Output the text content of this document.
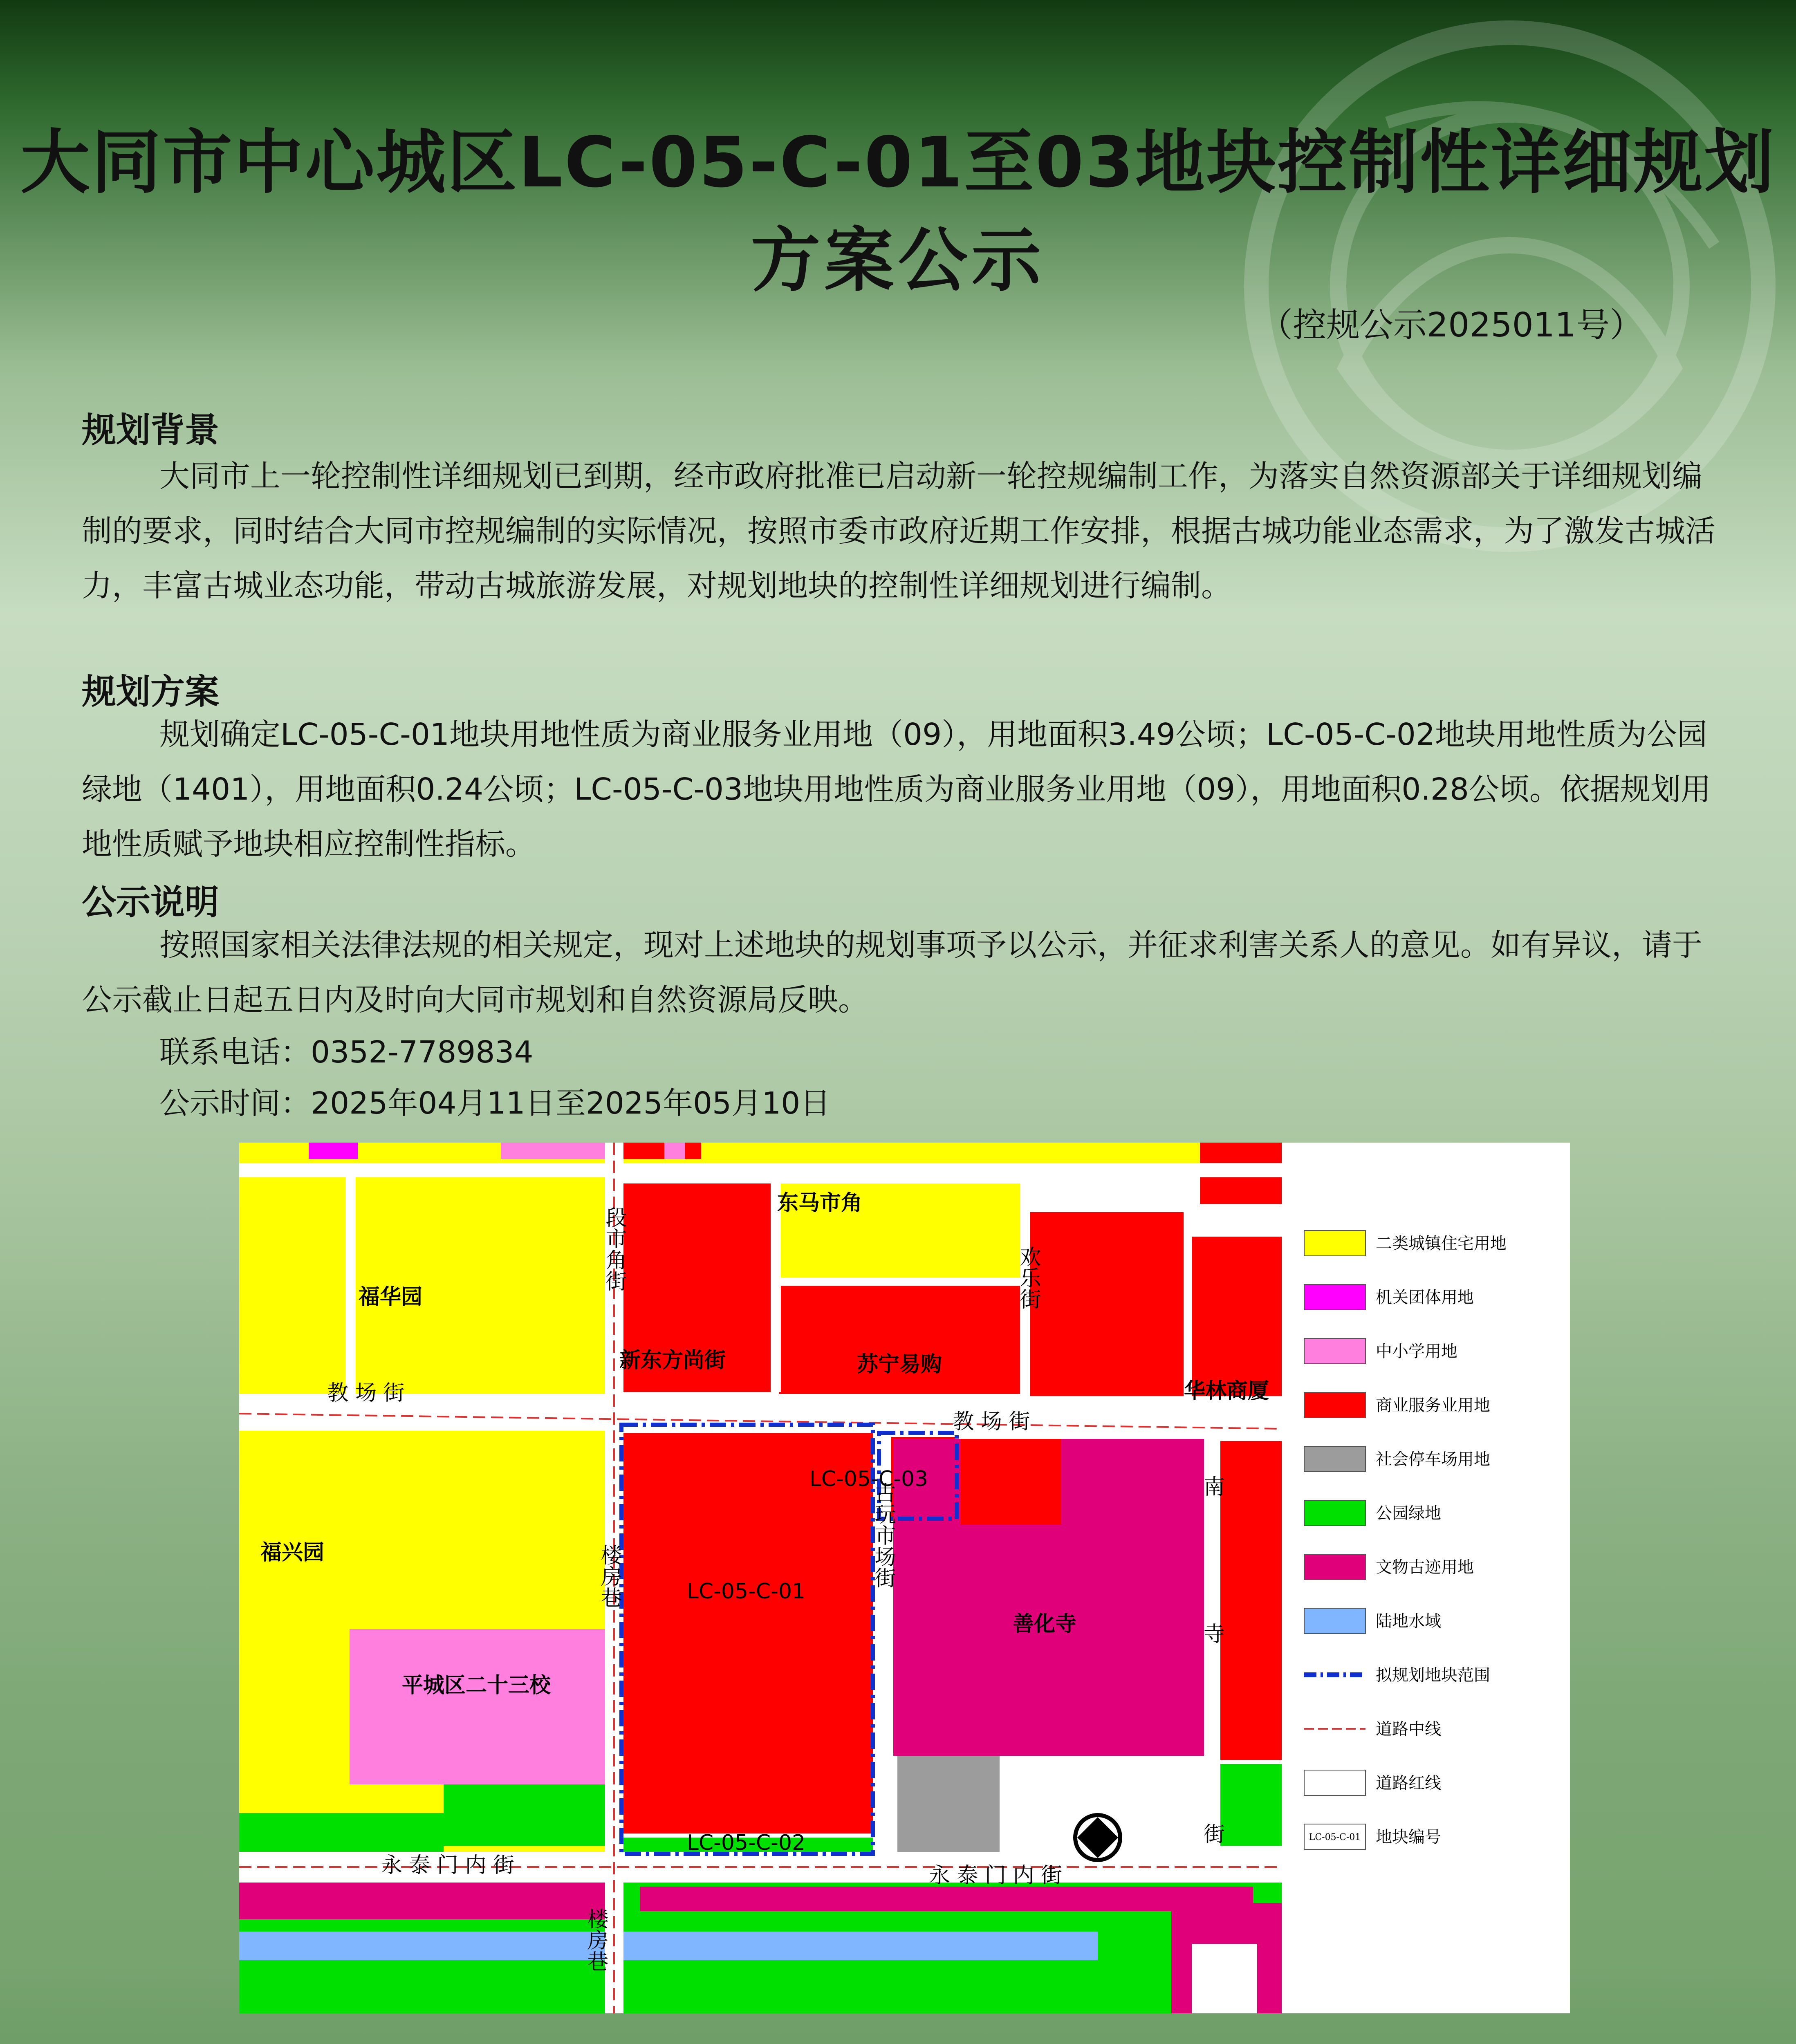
大同市中心城区LC-05-C-01至03地块控制性详细规划
方案公示
（控规公示2025011号）
规划背景
大同市上一轮控制性详细规划已到期，经市政府批准已启动新一轮控规编制工作，为落实自然资源部关于详细规划编制的要求，同时结合大同市控规编制的实际情况，按照市委市政府近期工作安排，根据古城功能业态需求，为了激发古城活力，丰富古城业态功能，带动古城旅游发展，对规划地块的控制性详细规划进行编制。
规划方案
规划确定LC-05-C-01地块用地性质为商业服务业用地（09），用地面积3.49公顷；LC-05-C-02地块用地性质为公园绿地（1401），用地面积0.24公顷；LC-05-C-03地块用地性质为商业服务业用地（09），用地面积0.28公顷。依据规划用地性质赋予地块相应控制性指标。
公示说明
按照国家相关法律法规的相关规定，现对上述地块的规划事项予以公示，并征求利害关系人的意见。如有异议，请于公示截止日起五日内及时向大同市规划和自然资源局反映。
联系电话：0352-7789834
公示时间：2025年04月11日至2025年05月10日
东马市角
福华园
新东方尚街	苏宁易购
华林商厦
福兴园
平城区二十三校
LC-05-C-01
LC-05-C-02
LC-05-C-03
善化寺
教 场 街
教 场 街
永 泰 门 内 街	永 泰 门 内 街
南
寺
街
段市角街	欢乐街
楼房巷	古玩市场街
楼房巷
二类城镇住宅用地
机关团体用地
中小学用地
商业服务业用地
社会停车场用地
公园绿地
文物古迹用地
陆地水域
拟规划地块范围
道路中线
道路红线
LC-05-C-01 地块编号
